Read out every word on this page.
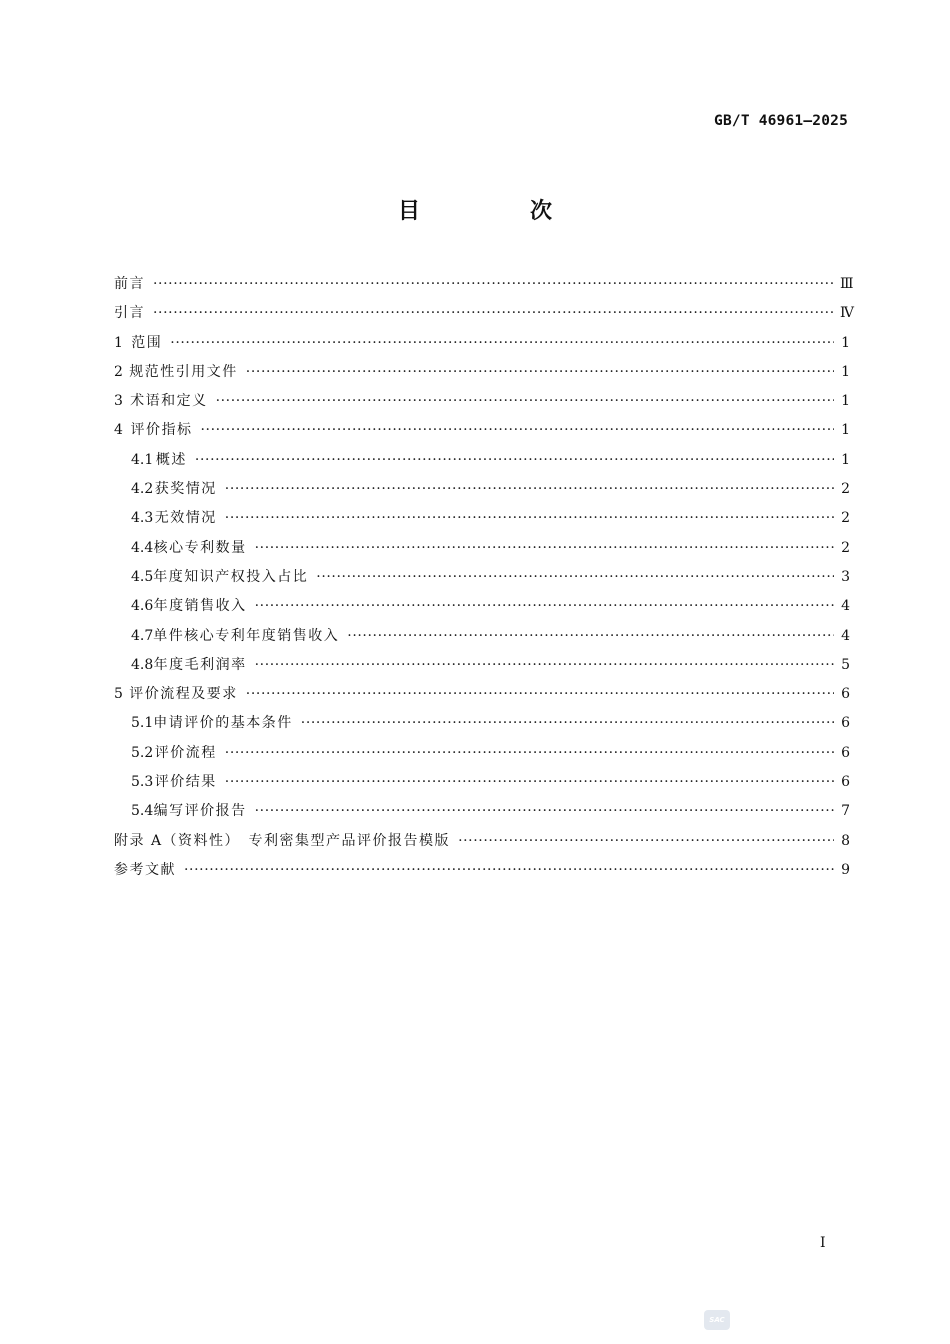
GB/T 46961—2025
目　次
前言 ·····	Ⅲ
引言 ·····	Ⅳ
1 范围 ·····	1
2 规范性引用文件 ·····	1
3 术语和定义 ·····	1
4 评价指标 ·····	1
4.1 概述 ·····	1
4.2 获奖情况 ·····	2
4.3 无效情况 ·····	2
4.4 核心专利数量 ·····	2
4.5 年度知识产权投入占比 ·····	3
4.6 年度销售收入 ·····	4
4.7 单件核心专利年度销售收入 ·····	4
4.8 年度毛利润率 ·····	5
5 评价流程及要求 ·····	6
5.1 申请评价的基本条件 ·····	6
5.2 评价流程 ·····	6
5.3 评价结果 ·····	6
5.4 编写评价报告 ·····	7
附录 A（资料性）　专利密集型产品评价报告模版 ·····	8
参考文献 ·····	9
I
SAC
